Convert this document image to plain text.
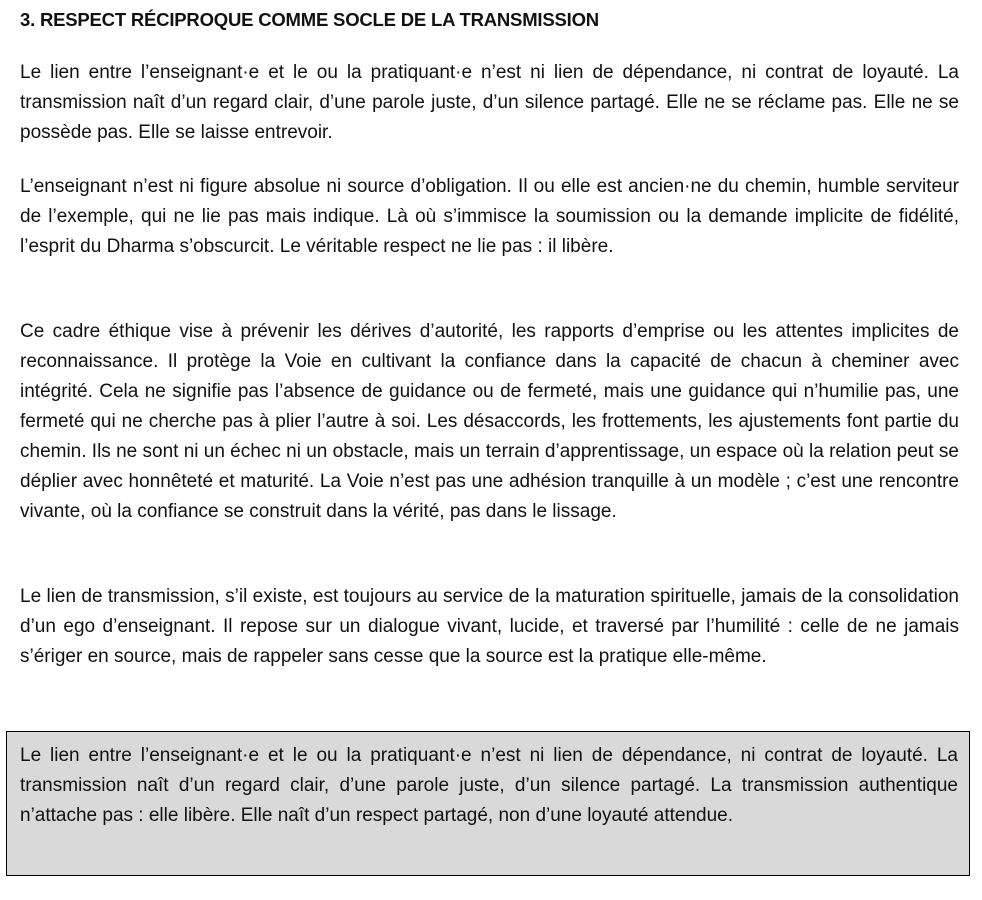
3. RESPECT RÉCIPROQUE COMME SOCLE DE LA TRANSMISSION

Le lien entre l’enseignant·e et le ou la pratiquant·e n’est ni lien de dépendance, ni contrat de loyauté. La transmission naît d’un regard clair, d’une parole juste, d’un silence partagé. Elle ne se réclame pas. Elle ne se possède pas. Elle se laisse entrevoir.

L’enseignant n’est ni figure absolue ni source d’obligation. Il ou elle est ancien·ne du chemin, humble serviteur de l’exemple, qui ne lie pas mais indique. Là où s’immisce la soumission ou la demande implicite de fidélité, l’esprit du Dharma s’obscurcit. Le véritable respect ne lie pas : il libère.

Ce cadre éthique vise à prévenir les dérives d’autorité, les rapports d’emprise ou les attentes implicites de reconnaissance. Il protège la Voie en cultivant la confiance dans la capacité de chacun à cheminer avec intégrité. Cela ne signifie pas l’absence de guidance ou de fermeté, mais une guidance qui n’humilie pas, une fermeté qui ne cherche pas à plier l’autre à soi. Les désaccords, les frottements, les ajustements font partie du chemin. Ils ne sont ni un échec ni un obstacle, mais un terrain d’apprentissage, un espace où la relation peut se déplier avec honnêteté et maturité. La Voie n’est pas une adhésion tranquille à un modèle ; c’est une rencontre vivante, où la confiance se construit dans la vérité, pas dans le lissage.

Le lien de transmission, s’il existe, est toujours au service de la maturation spirituelle, jamais de la consolidation d’un ego d’enseignant. Il repose sur un dialogue vivant, lucide, et traversé par l’humilité : celle de ne jamais s’ériger en source, mais de rappeler sans cesse que la source est la pratique elle-même.

Le lien entre l’enseignant·e et le ou la pratiquant·e n’est ni lien de dépendance, ni contrat de loyauté. La transmission naît d’un regard clair, d’une parole juste, d’un silence partagé. La transmission authentique n’attache pas : elle libère. Elle naît d’un respect partagé, non d’une loyauté attendue.
